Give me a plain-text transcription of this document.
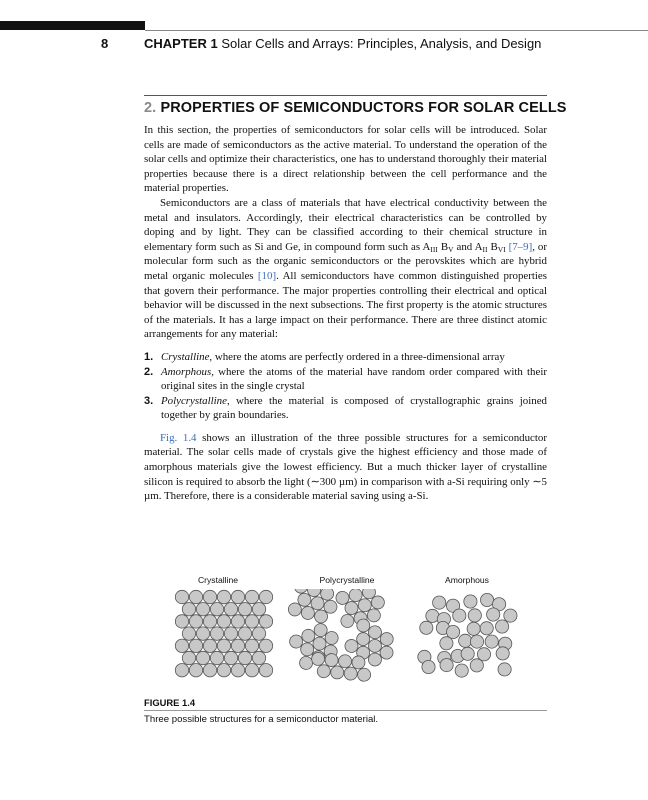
8	CHAPTER 1 Solar Cells and Arrays: Principles, Analysis, and Design
2. PROPERTIES OF SEMICONDUCTORS FOR SOLAR CELLS

In this section, the properties of semiconductors for solar cells will be introduced. Solar cells are made of semiconductors as the active material. To understand the operation of the solar cells and optimize their characteristics, one has to understand thoroughly their material properties because there is a direct relationship between the cell performance and the material properties.

Semiconductors are a class of materials that have electrical conductivity between the metal and insulators. Accordingly, their electrical characteristics can be controlled by doping and by light. They can be classified according to their chemical structure in elementary form such as Si and Ge, in compound form such as $A_{III}$ $B_V$ and $A_{II}$ $B_{VI}$ [7–9], or molecular form such as the organic semiconductors or the perovskites which are hybrid metal organic molecules [10]. All semiconductors have common distinguished properties that govern their performance. The major properties controlling their electrical and optical behavior will be discussed in the next subsections. The first property is the atomic structures of the materials. It has a large impact on their performance. There are three distinct atomic arrangements for any material:

1. Crystalline, where the atoms are perfectly ordered in a three-dimensional array
2. Amorphous, where the atoms of the material have random order compared with their original sites in the single crystal
3. Polycrystalline, where the material is composed of crystallographic grains joined together by grain boundaries.

Fig. 1.4 shows an illustration of the three possible structures for a semiconductor material. The solar cells made of crystals give the highest efficiency and those made of amorphous materials give the lowest efficiency. But a much thicker layer of crystalline silicon is required to absorb the light (∼300 µm) in comparison with a-Si requiring only ∼5 µm. Therefore, there is a considerable material saving using a-Si.

Crystalline	Polycrystalline	Amorphous
FIGURE 1.4
Three possible structures for a semiconductor material.
